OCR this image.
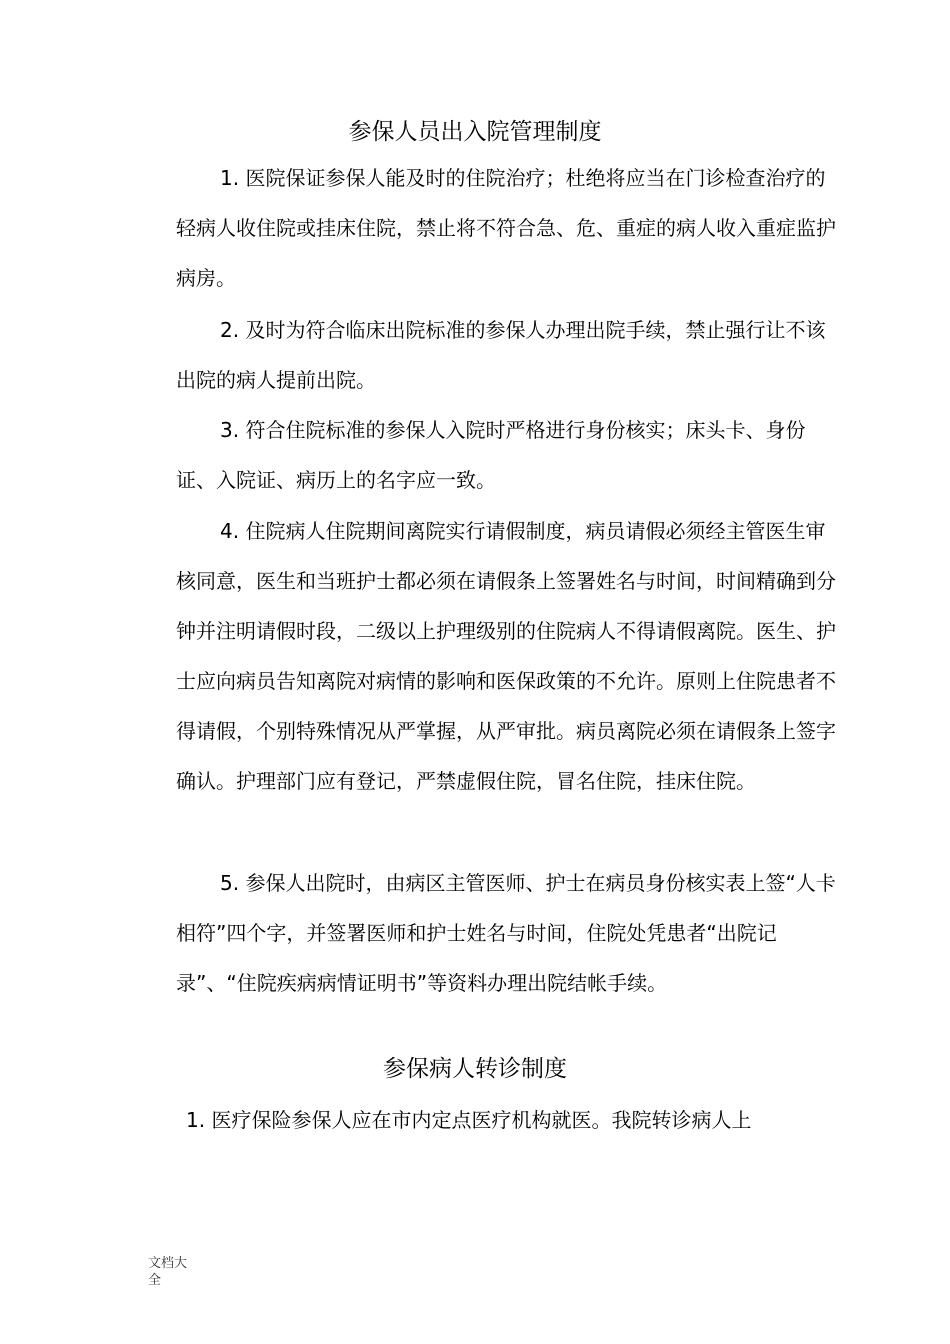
参保人员出入院管理制度

1. 医院保证参保人能及时的住院治疗；杜绝将应当在门诊检查治疗的轻病人收住院或挂床住院，禁止将不符合急、危、重症的病人收入重症监护病房。

2. 及时为符合临床出院标准的参保人办理出院手续，禁止强行让不该出院的病人提前出院。

3. 符合住院标准的参保人入院时严格进行身份核实；床头卡、身份证、入院证、病历上的名字应一致。

4. 住院病人住院期间离院实行请假制度，病员请假必须经主管医生审核同意，医生和当班护士都必须在请假条上签署姓名与时间，时间精确到分钟并注明请假时段，二级以上护理级别的住院病人不得请假离院。医生、护士应向病员告知离院对病情的影响和医保政策的不允许。原则上住院患者不得请假，个别特殊情况从严掌握，从严审批。病员离院必须在请假条上签字确认。护理部门应有登记，严禁虚假住院，冒名住院，挂床住院。

5. 参保人出院时，由病区主管医师、护士在病员身份核实表上签“人卡相符”四个字，并签署医师和护士姓名与时间，住院处凭患者“出院记录”、“住院疾病病情证明书”等资料办理出院结帐手续。

参保病人转诊制度

1. 医疗保险参保人应在市内定点医疗机构就医。我院转诊病人上

文档大全
